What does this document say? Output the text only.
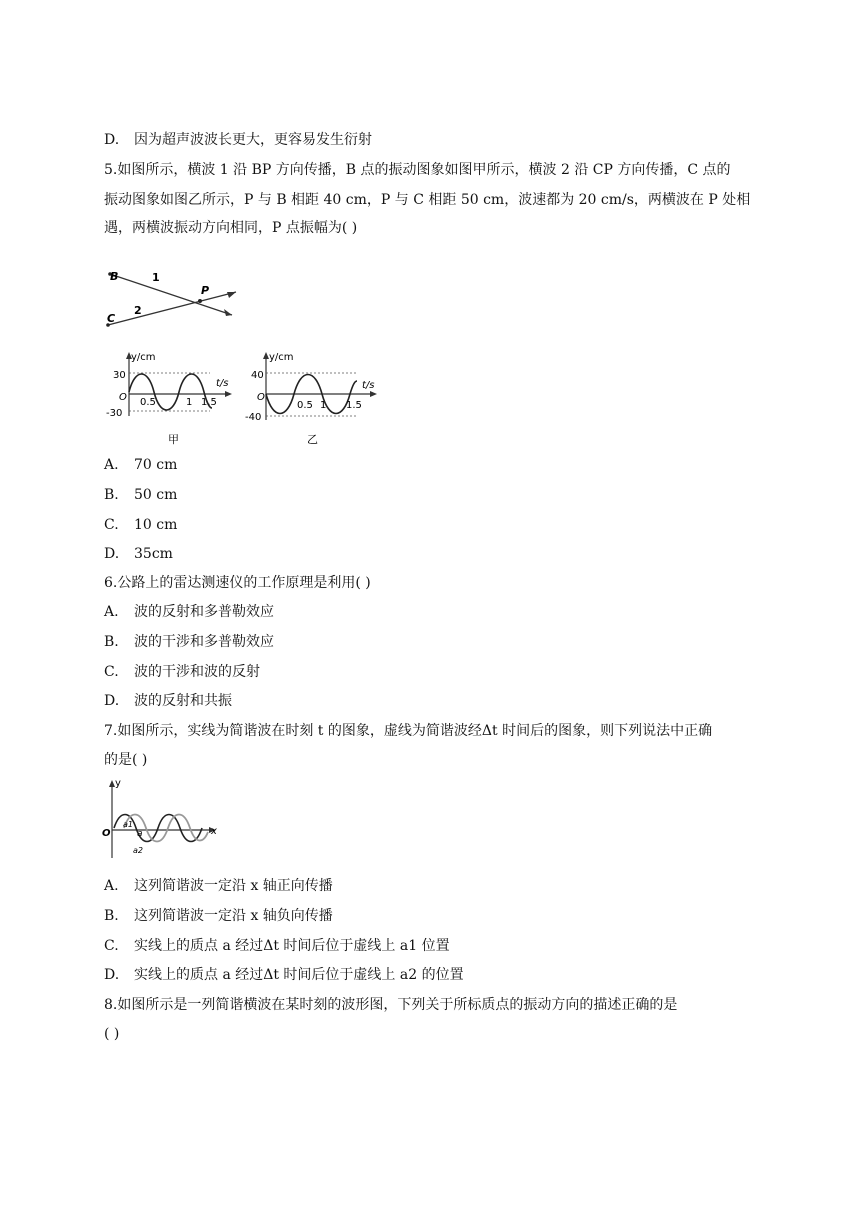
D. 因为超声波波长更大，更容易发生衍射
5.如图所示，横波 1 沿 BP 方向传播，B 点的振动图象如图甲所示，横波 2 沿 CP 方向传播，C 点的
振动图象如图乙所示，P 与 B 相距 40 cm，P 与 C 相距 50 cm，波速都为 20 cm/s，两横波在 P 处相
遇，两横波振动方向相同，P 点振幅为( )
B
C
P
1
2
y/cm
t/s
30
-30
O 0.5	1 1.5
甲
y/cm
t/s
40
-40
O
0.5 1 1.5
乙
A. 70 cm
B. 50 cm
C. 10 cm
D. 35cm
6.公路上的雷达测速仪的工作原理是利用( )
A. 波的反射和多普勒效应
B. 波的干涉和多普勒效应
C. 波的干涉和波的反射
D. 波的反射和共振
7.如图所示，实线为简谐波在时刻 t 的图象，虚线为简谐波经Δt 时间后的图象，则下列说法中正确
的是( )
y
x
O
a1
a
a2
A. 这列简谐波一定沿 x 轴正向传播
B. 这列简谐波一定沿 x 轴负向传播
C. 实线上的质点 a 经过Δt 时间后位于虚线上 a1 位置
D. 实线上的质点 a 经过Δt 时间后位于虚线上 a2 的位置
8.如图所示是一列简谐横波在某时刻的波形图，下列关于所标质点的振动方向的描述正确的是
( )
